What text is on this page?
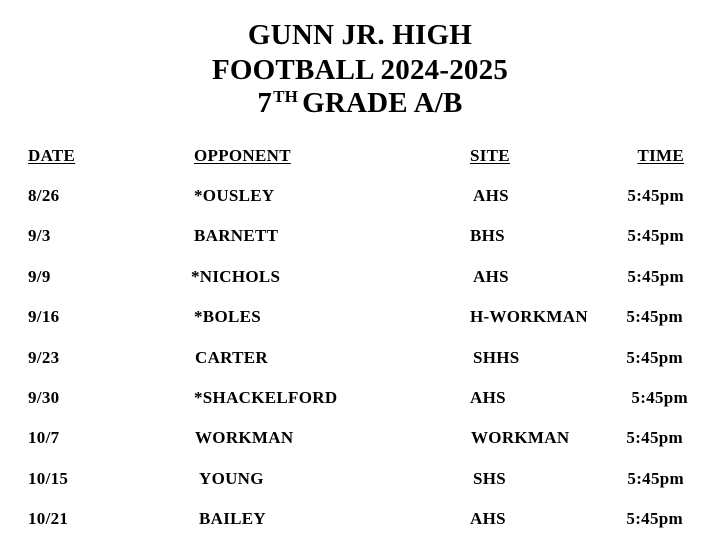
GUNN JR. HIGH
FOOTBALL 2024-2025
7TH GRADE A/B
DATE	OPPONENT	SITE	TIME
8/26	*OUSLEY	AHS	5:45pm
9/3	BARNETT	BHS	5:45pm
9/9	*NICHOLS	AHS	5:45pm
9/16	*BOLES	H-WORKMAN 5:45pm
9/23	CARTER	SHHS	5:45pm
9/30	*SHACKELFORD	AHS	5:45pm
10/7	WORKMAN	WORKMAN	5:45pm
10/15	YOUNG	SHS	5:45pm
10/21	BAILEY	AHS	5:45pm
